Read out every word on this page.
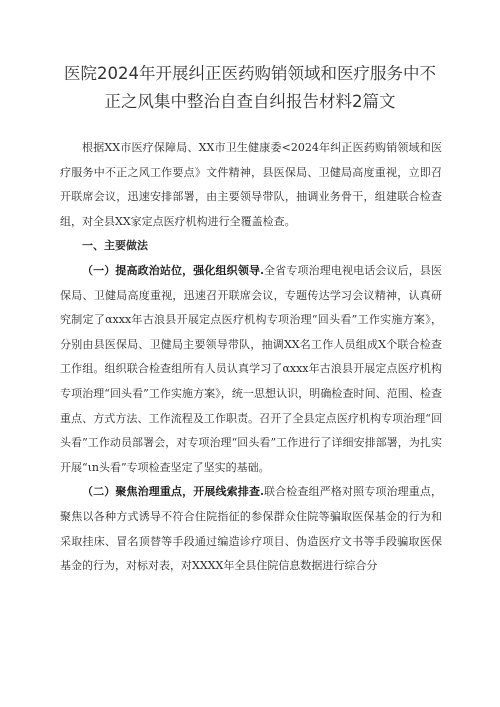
医院2024年开展纠正医药购销领域和医疗服务中不
正之风集中整治自查自纠报告材料2篇文

根据XX市医疗保障局、XX市卫生健康委<2024年纠正医药购销领域和医疗服务中不正之风工作要点》文件精神，县医保局、卫健局高度重视，立即召开联席会议，迅速安排部署，由主要领导带队，抽调业务骨干，组建联合检查组，对全县XX家定点医疗机构进行全覆盖检查。

一、主要做法

（一）提高政治站位，强化组织领导.全省专项治理电视电话会议后，县医保局、卫健局高度重视，迅速召开联席会议，专题传达学习会议精神，认真研究制定了αxxx年古浪县开展定点医疗机构专项治理“回头看”工作实施方案》，分别由县医保局、卫健局主要领导带队，抽调XX名工作人员组成X个联合检查工作组。组织联合检查组所有人员认真学习了αxxx年古浪县开展定点医疗机构专项治理“回头看”工作实施方案》，统一思想认识，明确检查时间、范围、检查重点、方式方法、工作流程及工作职责。召开了全县定点医疗机构专项治理“回头看”工作动员部署会，对专项治理“回头看”工作进行了详细安排部署，为扎实开展“ιn头看”专项检查坚定了坚实的基础。

（二）聚焦治理重点，开展线索排查.联合检查组严格对照专项治理重点，聚焦以各种方式诱导不符合住院指征的参保群众住院等骗取医保基金的行为和采取挂床、冒名顶替等手段通过编造诊疗项目、伪造医疗文书等手段骗取医保基金的行为，对标对表，对XXXX年全县住院信息数据进行综合分
